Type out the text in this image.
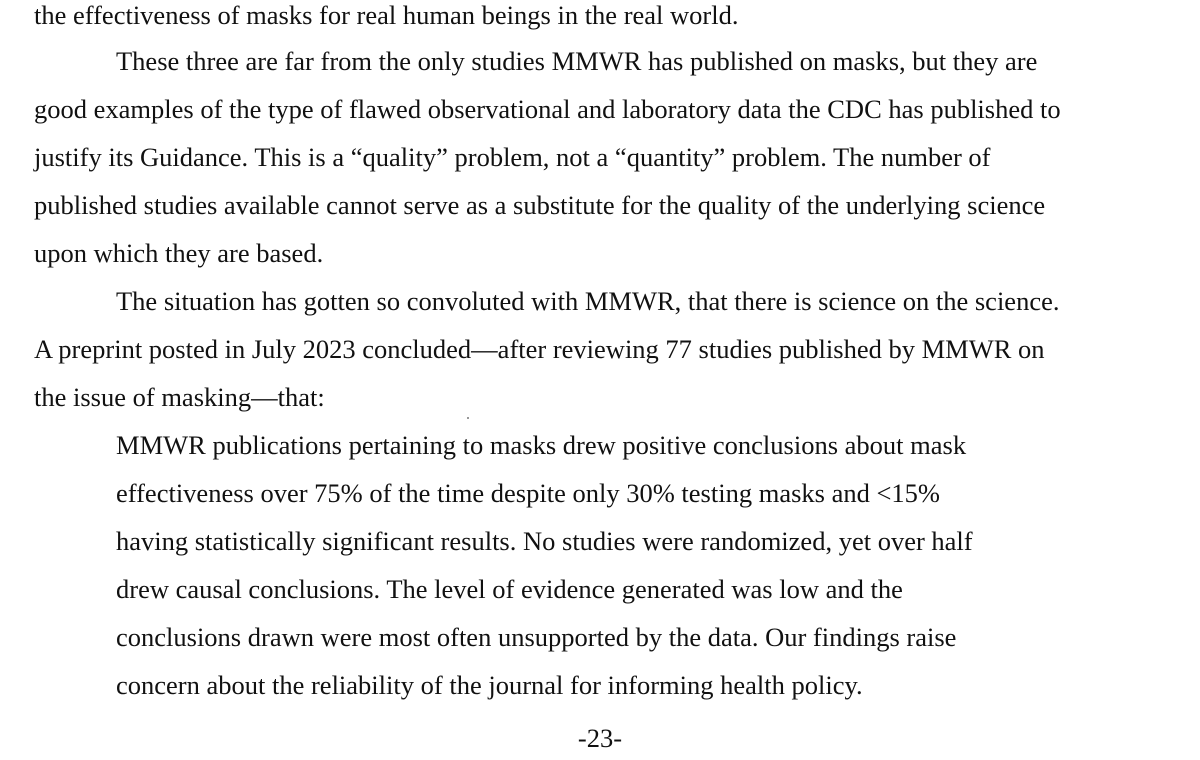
the effectiveness of masks for real human beings in the real world.

These three are far from the only studies MMWR has published on masks, but they are

good examples of the type of flawed observational and laboratory data the CDC has published to

justify its Guidance. This is a “quality” problem, not a “quantity” problem. The number of

published studies available cannot serve as a substitute for the quality of the underlying science

upon which they are based.

The situation has gotten so convoluted with MMWR, that there is science on the science.

A preprint posted in July 2023 concluded—after reviewing 77 studies published by MMWR on

the issue of masking—that:

MMWR publications pertaining to masks drew positive conclusions about mask

effectiveness over 75% of the time despite only 30% testing masks and <15%

having statistically significant results. No studies were randomized, yet over half

drew causal conclusions. The level of evidence generated was low and the

conclusions drawn were most often unsupported by the data. Our findings raise

concern about the reliability of the journal for informing health policy.

-23-
